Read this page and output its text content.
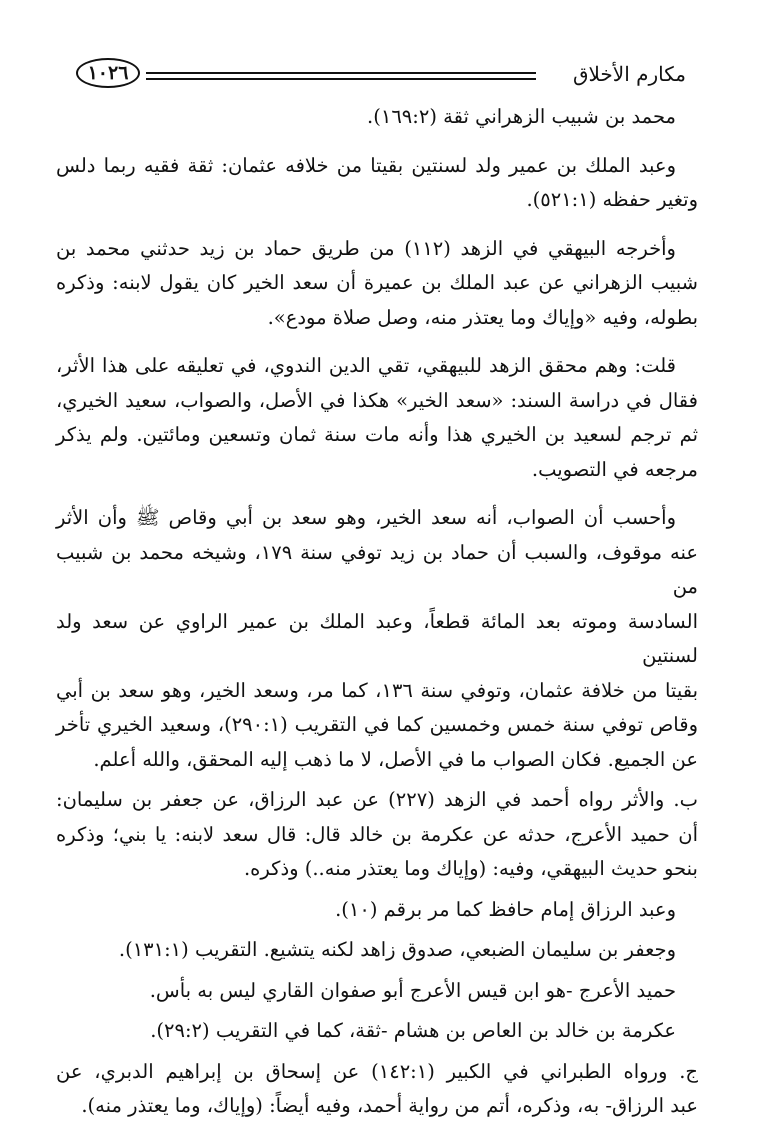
مكارم الأخلاق
١٠٢٦

محمد بن شبيب الزهراني ثقة (١٦٩:٢).

وعبد الملك بن عمير ولد لسنتين بقيتا من خلافه عثمان: ثقة فقيه ربما دلس
وتغير حفظه (٥٢١:١).

وأخرجه البيهقي في الزهد (١١٢) من طريق حماد بن زيد حدثني محمد بن
شبيب الزهراني عن عبد الملك بن عميرة أن سعد الخير كان يقول لابنه: وذكره
بطوله، وفيه «وإياك وما يعتذر منه، وصل صلاة مودع».

قلت: وهم محقق الزهد للبيهقي، تقي الدين الندوي، في تعليقه على هذا الأثر،
فقال في دراسة السند: «سعد الخير» هكذا في الأصل، والصواب، سعيد الخيري،
ثم ترجم لسعيد بن الخيري هذا وأنه مات سنة ثمان وتسعين ومائتين. ولم يذكر
مرجعه في التصويب.

وأحسب أن الصواب، أنه سعد الخير، وهو سعد بن أبي وقاص ﷺ وأن الأثر
عنه موقوف، والسبب أن حماد بن زيد توفي سنة ١٧٩، وشيخه محمد بن شبيب من
السادسة وموته بعد المائة قطعاً، وعبد الملك بن عمير الراوي عن سعد ولد لسنتين
بقيتا من خلافة عثمان، وتوفي سنة ١٣٦، كما مر، وسعد الخير، وهو سعد بن أبي
وقاص توفي سنة خمس وخمسين كما في التقريب (٢٩٠:١)، وسعيد الخيري تأخر
عن الجميع. فكان الصواب ما في الأصل، لا ما ذهب إليه المحقق، والله أعلم.

ب. والأثر رواه أحمد في الزهد (٢٢٧) عن عبد الرزاق، عن جعفر بن سليمان:
أن حميد الأعرج، حدثه عن عكرمة بن خالد قال: قال سعد لابنه: يا بني؛ وذكره
بنحو حديث البيهقي، وفيه: (وإياك وما يعتذر منه..) وذكره.

وعبد الرزاق إمام حافظ كما مر برقم (١٠).

وجعفر بن سليمان الضبعي، صدوق زاهد لكنه يتشيع. التقريب (١٣١:١).

حميد الأعرج -هو ابن قيس الأعرج أبو صفوان القاري ليس به بأس.

عكرمة بن خالد بن العاص بن هشام -ثقة، كما في التقريب (٢٩:٢).

ج. ورواه الطبراني في الكبير (١٤٢:١) عن إسحاق بن إبراهيم الدبري، عن
عبد الرزاق- به، وذكره، أتم من رواية أحمد، وفيه أيضاً: (وإياك، وما يعتذر منه).
